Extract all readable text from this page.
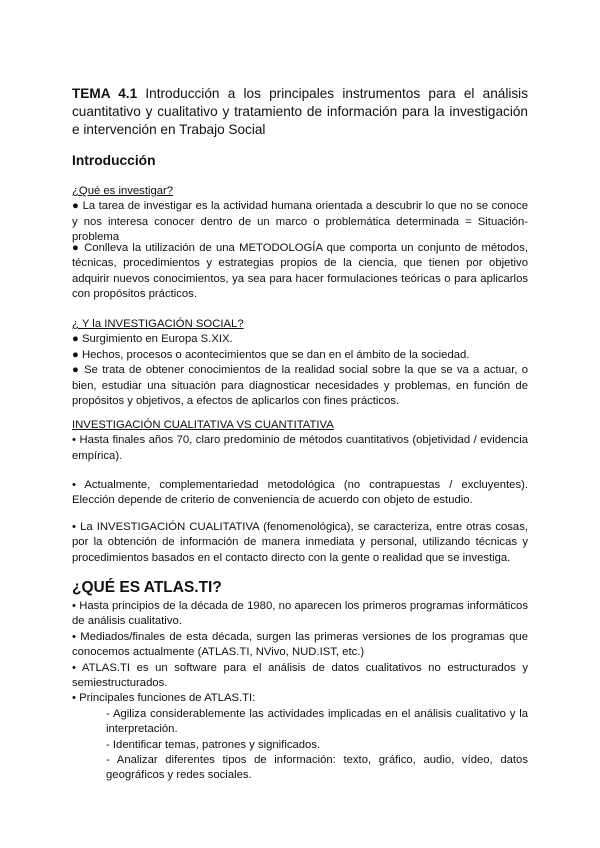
TEMA 4.1 Introducción a los principales instrumentos para el análisis cuantitativo y cualitativo y tratamiento de información para la investigación e intervención en Trabajo Social
Introducción

¿Qué es investigar?

● La tarea de investigar es la actividad humana orientada a descubrir lo que no se conoce y nos interesa conocer dentro de un marco o problemática determinada = Situación-problema

● Conlleva la utilización de una METODOLOGÍA que comporta un conjunto de métodos, técnicas, procedimientos y estrategias propios de la ciencia, que tienen por objetivo adquirir nuevos conocimientos, ya sea para hacer formulaciones teóricas o para aplicarlos con propósitos prácticos.

¿ Y la INVESTIGACIÓN SOCIAL?

● Surgimiento en Europa S.XIX.

● Hechos, procesos o acontecimientos que se dan en el ámbito de la sociedad.

● Se trata de obtener conocimientos de la realidad social sobre la que se va a actuar, o bien, estudiar una situación para diagnosticar necesidades y problemas, en función de propósitos y objetivos, a efectos de aplicarlos con fines prácticos.

INVESTIGACIÓN CUALITATIVA VS CUANTITATIVA

• Hasta finales años 70, claro predominio de métodos cuantitativos (objetividad / evidencia empírica).

• Actualmente, complementariedad metodológica (no contrapuestas / excluyentes). Elección depende de criterio de conveniencia de acuerdo con objeto de estudio.

• La INVESTIGACIÓN CUALITATIVA (fenomenológica), se caracteriza, entre otras cosas, por la obtención de información de manera inmediata y personal, utilizando técnicas y procedimientos basados en el contacto directo con la gente o realidad que se investiga.

¿QUÉ ES ATLAS.TI?

• Hasta principios de la década de 1980, no aparecen los primeros programas informáticos de análisis cualitativo.

• Mediados/finales de esta década, surgen las primeras versiones de los programas que conocemos actualmente (ATLAS.TI, NVivo, NUD.IST, etc.)

• ATLAS.TI es un software para el análisis de datos cualitativos no estructurados y semiestructurados.

• Principales funciones de ATLAS.TI:

- Agiliza considerablemente las actividades implicadas en el análisis cualitativo y la interpretación.

- Identificar temas, patrones y significados.

- Analizar diferentes tipos de información: texto, gráfico, audio, vídeo, datos geográficos y redes sociales.
